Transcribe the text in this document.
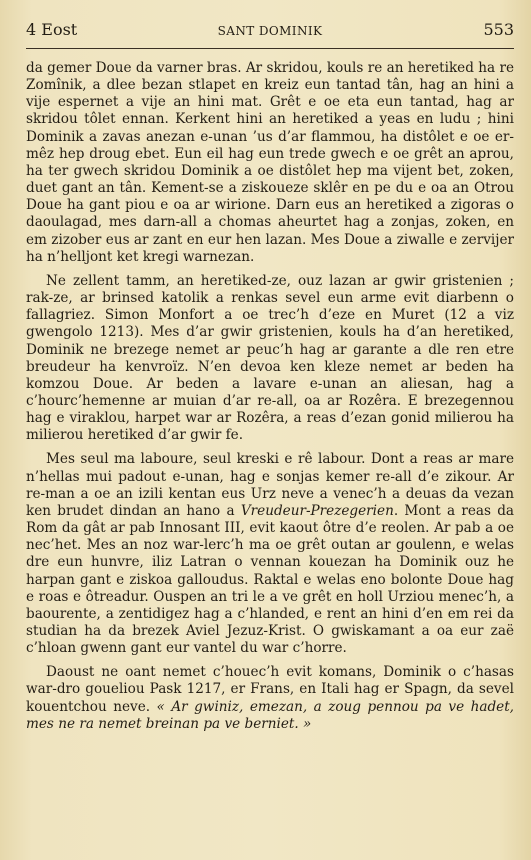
4 Eost	SANT DOMINIK	553

da gemer Doue da varner bras. Ar skridou, kouls re an heretiked ha re Zomînik, a dlee bezan stlapet en kreiz eun tantad tân, hag an hini a vije espernet a vije an hini mat. Grêt e oe eta eun tantad, hag ar skridou tôlet ennan. Kerkent hini an heretiked a yeas en ludu ; hini Dominik a zavas anezan e-unan ’us d’ar flammou, ha distôlet e oe er-mêz hep droug ebet. Eun eil hag eun trede gwech e oe grêt an aprou, ha ter gwech skridou Dominik a oe distôlet hep ma vijent bet, zoken, duet gant an tân. Kement-se a ziskoueze sklêr en pe du e oa an Otrou Doue ha gant piou e oa ar wirione. Darn eus an heretiked a zigoras o daoulagad, mes darn-all a chomas aheurtet hag a zonjas, zoken, en em zizober eus ar zant en eur hen lazan. Mes Doue a ziwalle e zervijer ha n’helljont ket kregi warnezan.

Ne zellent tamm, an heretiked-ze, ouz lazan ar gwir gristenien ; rak-ze, ar brinsed katolik a renkas sevel eun arme evit diarbenn o fallagriez. Simon Monfort a oe trec’h d’eze en Muret (12 a viz gwengolo 1213). Mes d’ar gwir gristenien, kouls ha d’an heretiked, Dominik ne brezege nemet ar peuc’h hag ar garante a dle ren etre breudeur ha kenvroïz. N’en devoa ken kleze nemet ar beden ha komzou Doue. Ar beden a lavare e-unan an aliesan, hag a c’hourc’hemenne ar muian d’ar re-all, oa ar Rozêra. E brezegennou hag e viraklou, harpet war ar Rozêra, a reas d’ezan gonid milierou ha milierou heretiked d’ar gwir fe.

Mes seul ma laboure, seul kreski e rê labour. Dont a reas ar mare n’hellas mui padout e-unan, hag e sonjas kemer re-all d’e zikour. Ar re-man a oe an izili kentan eus Urz neve a venec’h a deuas da vezan ken brudet dindan an hano a Vreudeur-Prezegerien. Mont a reas da Rom da gât ar pab Innosant III, evit kaout ôtre d’e reolen. Ar pab a oe nec’het. Mes an noz war-lerc’h ma oe grêt outan ar goulenn, e welas dre eun hunvre, iliz Latran o vennan kouezan ha Dominik ouz he harpan gant e ziskoa galloudus. Raktal e welas eno bolonte Doue hag e roas e ôtreadur. Ouspen an tri le a ve grêt en holl Urziou menec’h, a baourente, a zentidigez hag a c’hlanded, e rent an hini d’en em rei da studian ha da brezek Aviel Jezuz-Krist. O gwiskamant a oa eur zaë c’hloan gwenn gant eur vantel du war c’horre.

Daoust ne oant nemet c’houec’h evit komans, Dominik o c’hasas war-dro goueliou Pask 1217, er Frans, en Itali hag er Spagn, da sevel kouentchou neve. « Ar gwiniz, emezan, a zoug pennou pa ve hadet, mes ne ra nemet breinan pa ve berniet. »
